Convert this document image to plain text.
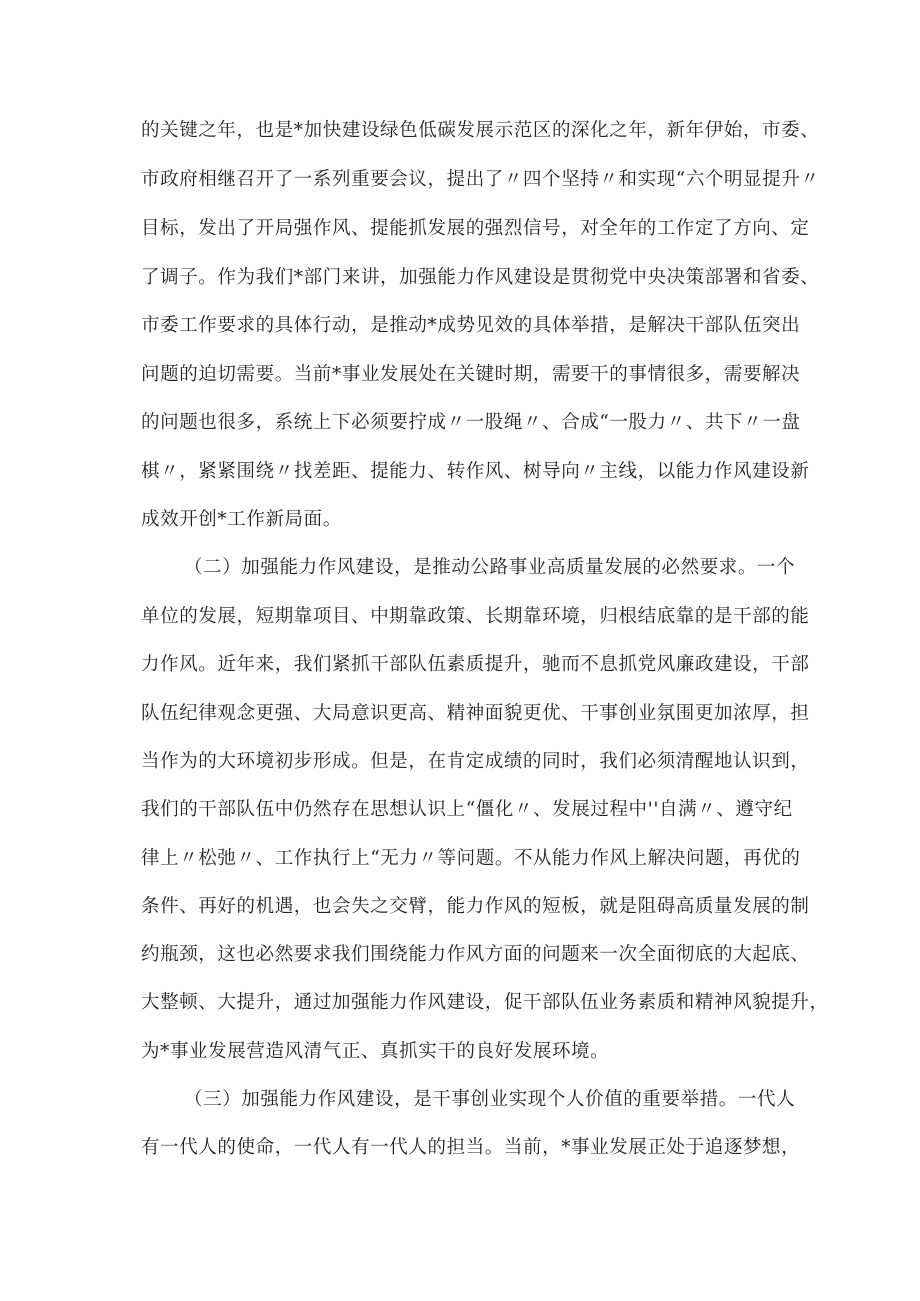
的关键之年，也是*加快建设绿色低碳发展示范区的深化之年，新年伊始，市委、
市政府相继召开了一系列重要会议，提出了〃四个坚持〃和实现“六个明显提升〃
目标，发出了开局强作风、提能抓发展的强烈信号，对全年的工作定了方向、定
了调子。作为我们*部门来讲，加强能力作风建设是贯彻党中央决策部署和省委、
市委工作要求的具体行动，是推动*成势见效的具体举措，是解决干部队伍突出
问题的迫切需要。当前*事业发展处在关键时期，需要干的事情很多，需要解决
的问题也很多，系统上下必须要拧成〃一股绳〃、合成“一股力〃、共下〃一盘
棋〃，紧紧围绕〃找差距、提能力、转作风、树导向〃主线，以能力作风建设新
成效开创*工作新局面。
（二）加强能力作风建设，是推动公路事业高质量发展的必然要求。一个
单位的发展，短期靠项目、中期靠政策、长期靠环境，归根结底靠的是干部的能
力作风。近年来，我们紧抓干部队伍素质提升，驰而不息抓党风廉政建设，干部
队伍纪律观念更强、大局意识更高、精神面貌更优、干事创业氛围更加浓厚，担
当作为的大环境初步形成。但是，在肯定成绩的同时，我们必须清醒地认识到，
我们的干部队伍中仍然存在思想认识上“僵化〃、发展过程中''自满〃、遵守纪
律上〃松弛〃、工作执行上“无力〃等问题。不从能力作风上解决问题，再优的
条件、再好的机遇，也会失之交臂，能力作风的短板，就是阻碍高质量发展的制
约瓶颈，这也必然要求我们围绕能力作风方面的问题来一次全面彻底的大起底、
大整顿、大提升，通过加强能力作风建设，促干部队伍业务素质和精神风貌提升，
为*事业发展营造风清气正、真抓实干的良好发展环境。
（三）加强能力作风建设，是干事创业实现个人价值的重要举措。一代人
有一代人的使命，一代人有一代人的担当。当前，*事业发展正处于追逐梦想，
